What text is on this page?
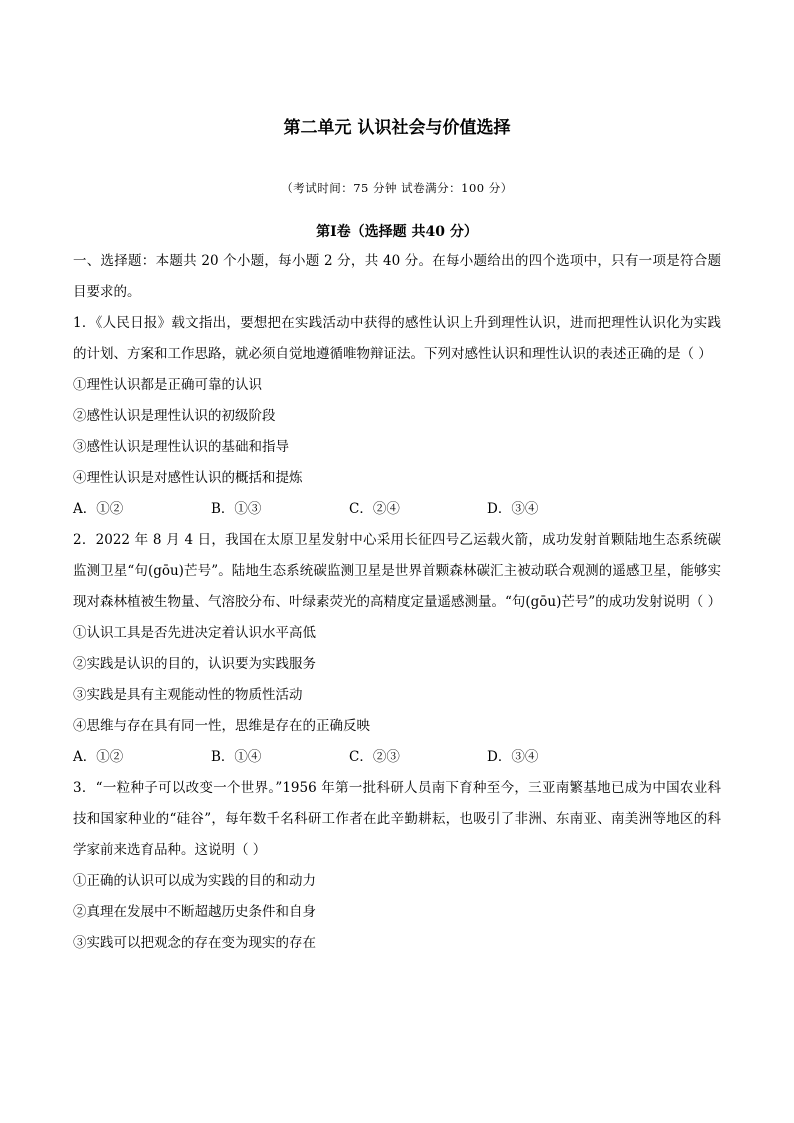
第二单元 认识社会与价值选择
（考试时间：75 分钟 试卷满分：100 分）
第Ⅰ卷（选择题 共40 分）

一、选择题：本题共 20 个小题，每小题 2 分，共 40 分。在每小题给出的四个选项中，只有一项是符合题目要求的。

1．《人民日报》载文指出，要想把在实践活动中获得的感性认识上升到理性认识，进而把理性认识化为实践的计划、方案和工作思路，就必须自觉地遵循唯物辩证法。下列对感性认识和理性认识的表述正确的是（ ）

①理性认识都是正确可靠的认识

②感性认识是理性认识的初级阶段

③感性认识是理性认识的基础和指导

④理性认识是对感性认识的概括和提炼

A．①②	B．①③	C．②④	D．③④

2．2022 年 8 月 4 日，我国在太原卫星发射中心采用长征四号乙运载火箭，成功发射首颗陆地生态系统碳监测卫星“句(gōu)芒号”。陆地生态系统碳监测卫星是世界首颗森林碳汇主被动联合观测的遥感卫星，能够实现对森林植被生物量、气溶胶分布、叶绿素荧光的高精度定量遥感测量。“句(gōu)芒号”的成功发射说明（ ）

①认识工具是否先进决定着认识水平高低

②实践是认识的目的，认识要为实践服务

③实践是具有主观能动性的物质性活动

④思维与存在具有同一性，思维是存在的正确反映

A．①②	B．①④	C．②③	D．③④

3．“一粒种子可以改变一个世界。”1956 年第一批科研人员南下育种至今，三亚南繁基地已成为中国农业科技和国家种业的“硅谷”，每年数千名科研工作者在此辛勤耕耘，也吸引了非洲、东南亚、南美洲等地区的科学家前来选育品种。这说明（ ）

①正确的认识可以成为实践的目的和动力

②真理在发展中不断超越历史条件和自身

③实践可以把观念的存在变为现实的存在
